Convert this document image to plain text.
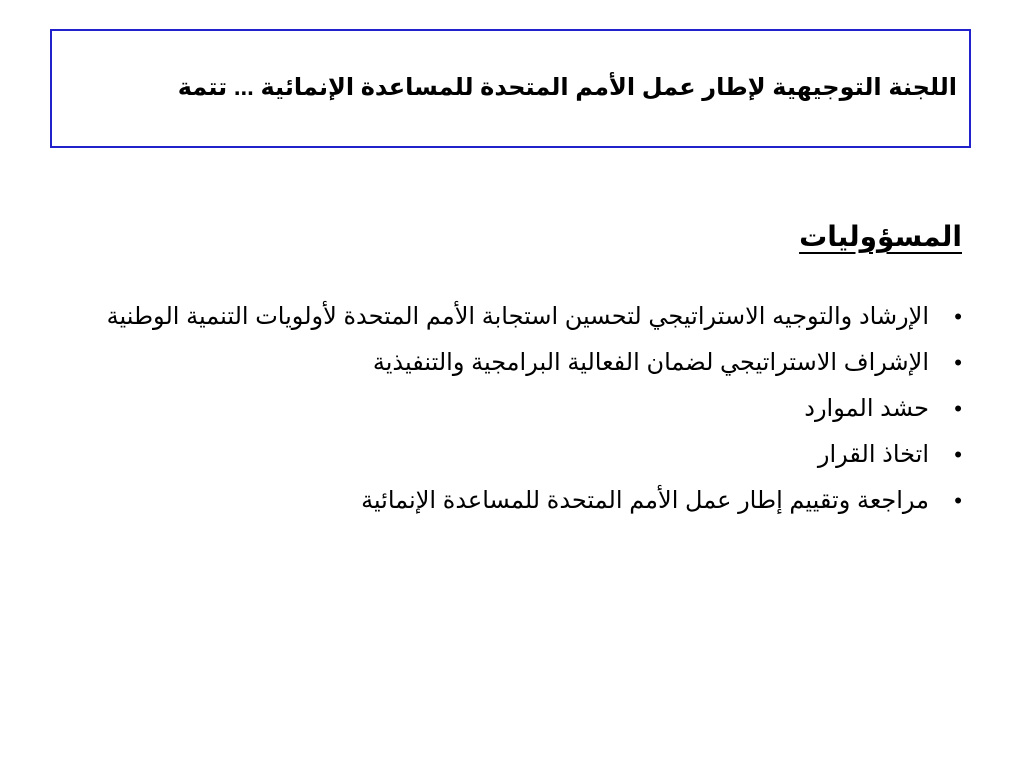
اللجنة التوجيهية لإطار عمل الأمم المتحدة للمساعدة الإنمائية ... تتمة
المسؤوليات
•
الإرشاد والتوجيه الاستراتيجي لتحسين استجابة الأمم المتحدة لأولويات التنمية الوطنية
•
الإشراف الاستراتيجي لضمان الفعالية البرامجية والتنفيذية
•
حشد الموارد
•
اتخاذ القرار
•
مراجعة وتقييم إطار عمل الأمم المتحدة للمساعدة الإنمائية
